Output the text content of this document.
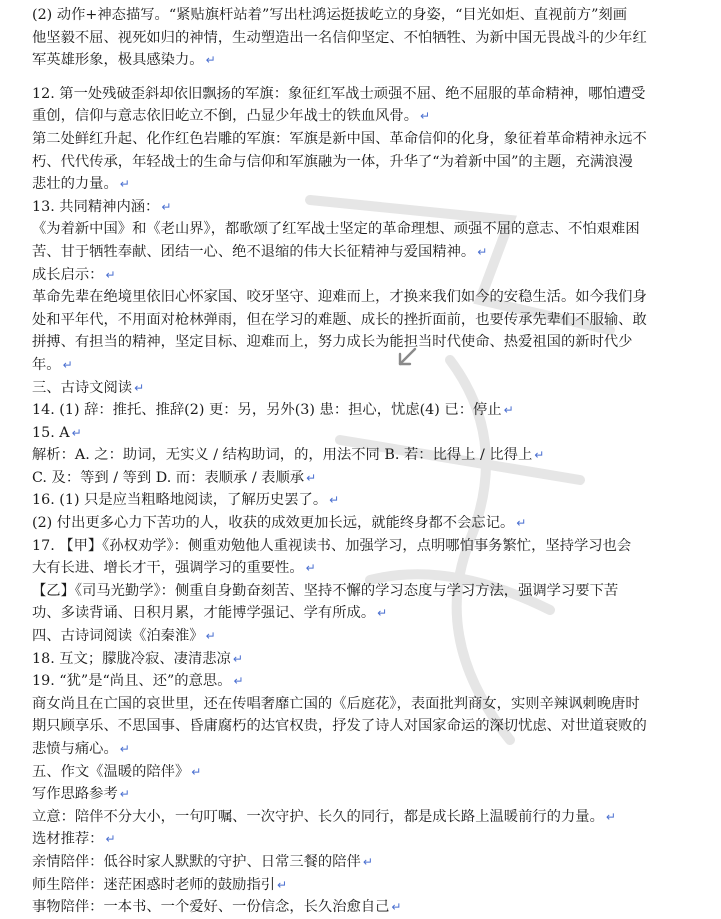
(2) 动作+神态描写。“紧贴旗杆站着”写出杜鸿运挺拔屹立的身姿，“目光如炬、直视前方”刻画
他坚毅不屈、视死如归的神情，生动塑造出一名信仰坚定、不怕牺牲、为新中国无畏战斗的少年红
军英雄形象，极具感染力。 ↵
12. 第一处残破歪斜却依旧飘扬的军旗：象征红军战士顽强不屈、绝不屈服的革命精神，哪怕遭受
重创，信仰与意志依旧屹立不倒，凸显少年战士的铁血风骨。 ↵
第二处鲜红升起、化作红色岩雕的军旗：军旗是新中国、革命信仰的化身，象征着革命精神永远不
朽、代代传承，年轻战士的生命与信仰和军旗融为一体，升华了“为着新中国”的主题，充满浪漫
悲壮的力量。 ↵
13. 共同精神内涵： ↵
《为着新中国》和《老山界》，都歌颂了红军战士坚定的革命理想、顽强不屈的意志、不怕艰难困
苦、甘于牺牲奉献、团结一心、绝不退缩的伟大长征精神与爱国精神。 ↵
成长启示： ↵
革命先辈在绝境里依旧心怀家国、咬牙坚守、迎难而上，才换来我们如今的安稳生活。如今我们身
处和平年代，不用面对枪林弹雨，但在学习的难题、成长的挫折面前，也要传承先辈们不服输、敢
拼搏、有担当的精神，坚定目标、迎难而上，努力成长为能担当时代使命、热爱祖国的新时代少
年。 ↵
三、古诗文阅读 ↵
14. (1) 辞：推托、推辞(2) 更：另，另外(3) 患：担心，忧虑(4) 已：停止 ↵
15. A ↵
解析：A. 之：助词，无实义 / 结构助词，的，用法不同 B. 若：比得上 / 比得上 ↵
C. 及：等到 / 等到 D. 而：表顺承 / 表顺承 ↵
16. (1) 只是应当粗略地阅读，了解历史罢了。 ↵
(2) 付出更多心力下苦功的人，收获的成效更加长远，就能终身都不会忘记。 ↵
17. 【甲】《孙权劝学》：侧重劝勉他人重视读书、加强学习，点明哪怕事务繁忙，坚持学习也会
大有长进、增长才干，强调学习的重要性。 ↵
【乙】《司马光勤学》：侧重自身勤奋刻苦、坚持不懈的学习态度与学习方法，强调学习要下苦
功、多读背诵、日积月累，才能博学强记、学有所成。 ↵
四、古诗词阅读《泊秦淮》 ↵
18. 互文；朦胧冷寂、凄清悲凉 ↵
19. “犹”是“尚且、还”的意思。 ↵
商女尚且在亡国的哀世里，还在传唱奢靡亡国的《后庭花》，表面批判商女，实则辛辣讽刺晚唐时
期只顾享乐、不思国事、昏庸腐朽的达官权贵，抒发了诗人对国家命运的深切忧虑、对世道衰败的
悲愤与痛心。 ↵
五、作文《温暖的陪伴》 ↵
写作思路参考 ↵
立意：陪伴不分大小，一句叮嘱、一次守护、长久的同行，都是成长路上温暖前行的力量。 ↵
选材推荐： ↵
亲情陪伴：低谷时家人默默的守护、日常三餐的陪伴 ↵
师生陪伴：迷茫困惑时老师的鼓励指引 ↵
事物陪伴：一本书、一个爱好、一份信念，长久治愈自己 ↵
